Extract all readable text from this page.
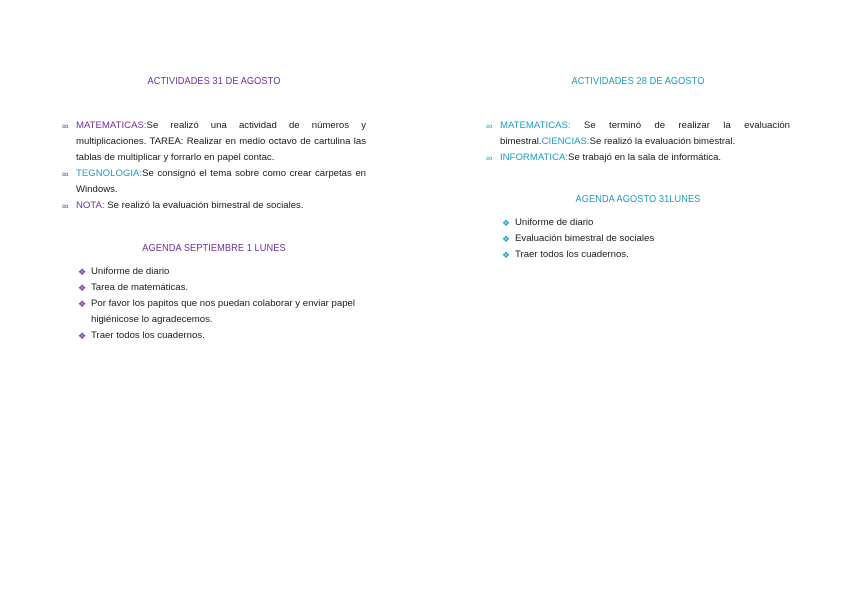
ACTIVIDADES 31 DE AGOSTO
∞ MATEMATICAS:Se realizó una actividad de números y multiplicaciones. TAREA: Realizar en medio octavo de cartulina las tablas de multiplicar y forrarlo en papel contac.
∞ TEGNOLOGIA:Se consignó el tema sobre como crear carpetas en Windows.
∞ NOTA: Se realizó la evaluación bimestral de sociales.
AGENDA SEPTIEMBRE 1 LUNES
❖ Uniforme de diario
❖ Tarea de matemáticas.
❖ Por favor los papitos que nos puedan colaborar y enviar papel higiénicose lo agradecemos.
❖ Traer todos los cuadernos.
ACTIVIDADES 28 DE AGOSTO
∞ MATEMATICAS: Se terminó de realizar la evaluación bimestral.CIENCIAS:Se realizó la evaluación bimestral.
∞ INFORMATICA:Se trabajó en la sala de informática.
AGENDA AGOSTO 31LUNES
❖ Uniforme de diario
❖ Evaluación bimestral de sociales
❖ Traer todos los cuadernos.
